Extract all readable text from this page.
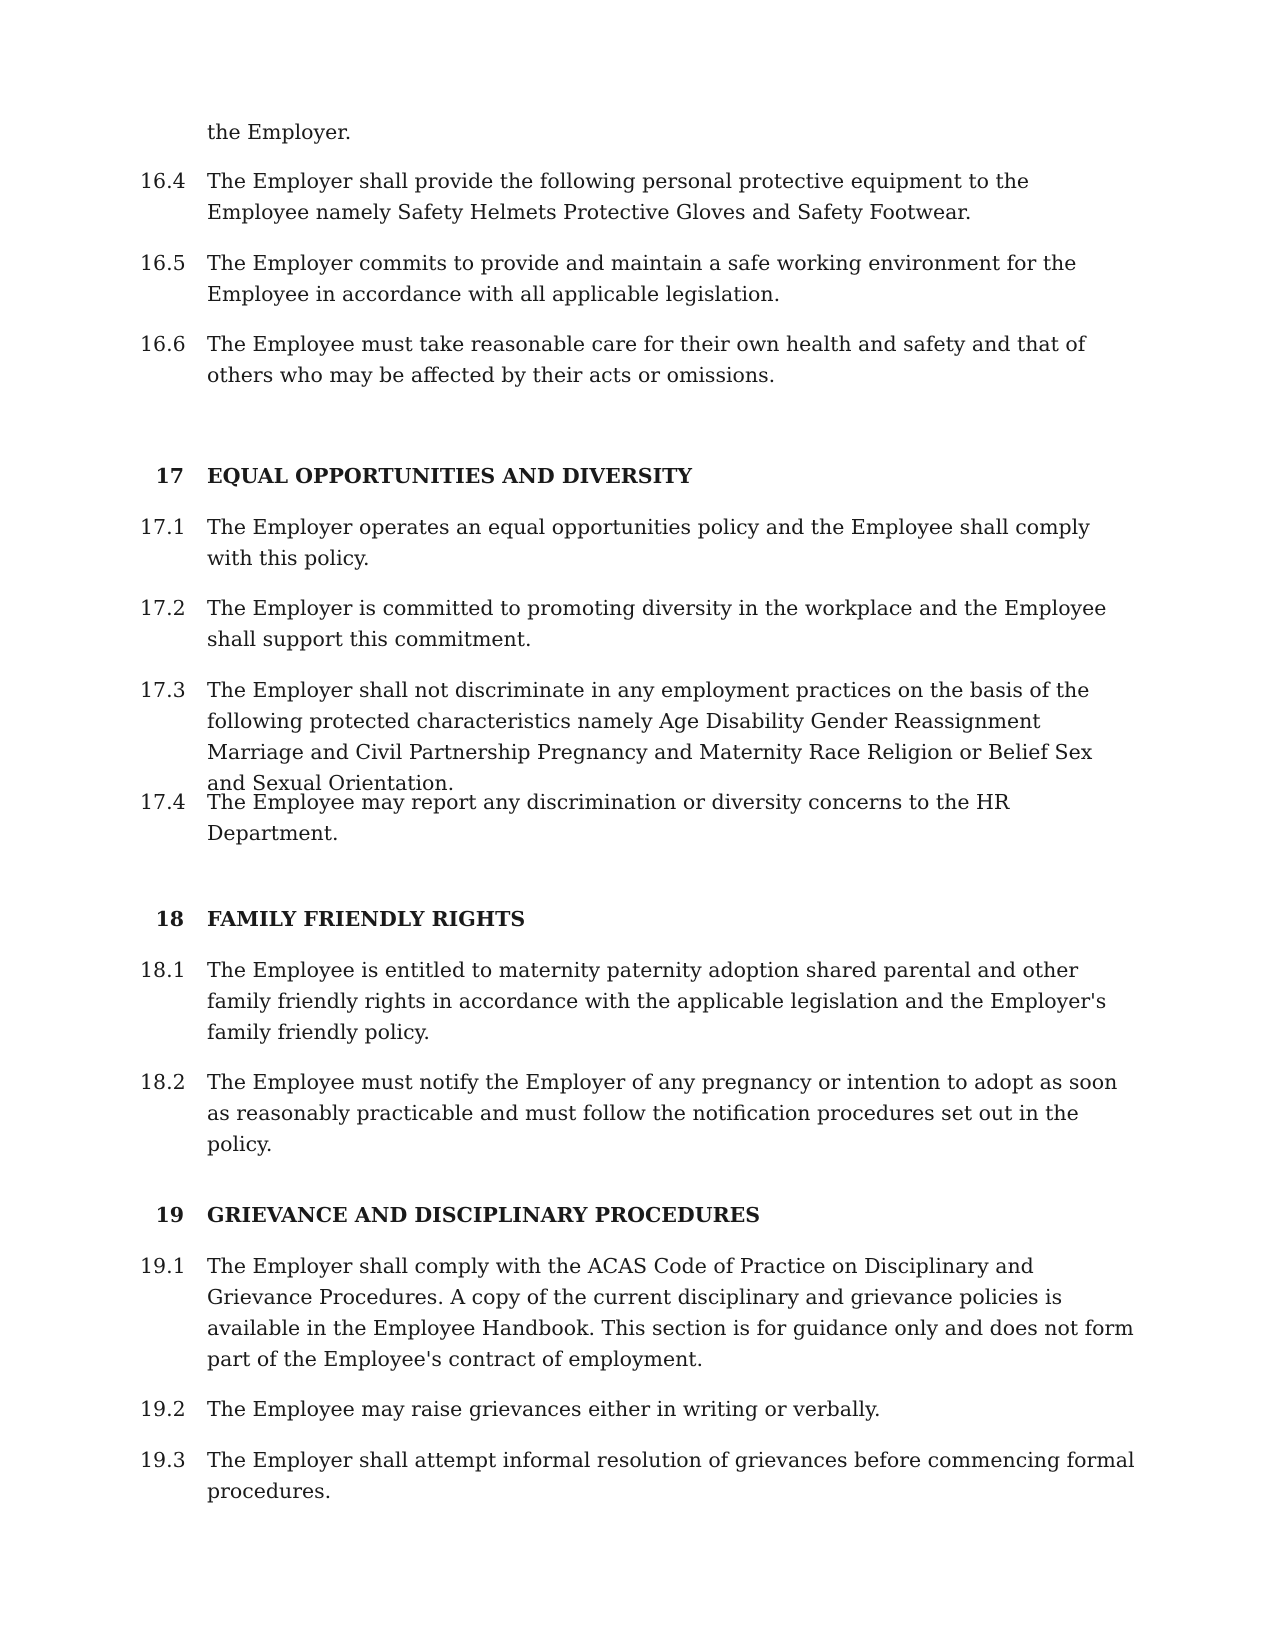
the Employer.
16.4	The Employer shall provide the following personal protective equipment to the Employee namely Safety Helmets Protective Gloves and Safety Footwear.
16.5	The Employer commits to provide and maintain a safe working environment for the Employee in accordance with all applicable legislation.
16.6	The Employee must take reasonable care for their own health and safety and that of others who may be affected by their acts or omissions.
17 EQUAL OPPORTUNITIES AND DIVERSITY
17.1	The Employer operates an equal opportunities policy and the Employee shall comply with this policy.
17.2	The Employer is committed to promoting diversity in the workplace and the Employee shall support this commitment.
17.3	The Employer shall not discriminate in any employment practices on the basis of the following protected characteristics namely Age Disability Gender Reassignment Marriage and Civil Partnership Pregnancy and Maternity Race Religion or Belief Sex and Sexual Orientation.
17.4	The Employee may report any discrimination or diversity concerns to the HR Department.
18 FAMILY FRIENDLY RIGHTS
18.1	The Employee is entitled to maternity paternity adoption shared parental and other family friendly rights in accordance with the applicable legislation and the Employer's family friendly policy.
18.2	The Employee must notify the Employer of any pregnancy or intention to adopt as soon as reasonably practicable and must follow the notification procedures set out in the policy.
19 GRIEVANCE AND DISCIPLINARY PROCEDURES
19.1	The Employer shall comply with the ACAS Code of Practice on Disciplinary and Grievance Procedures. A copy of the current disciplinary and grievance policies is available in the Employee Handbook. This section is for guidance only and does not form part of the Employee's contract of employment.
19.2	The Employee may raise grievances either in writing or verbally.
19.3	The Employer shall attempt informal resolution of grievances before commencing formal procedures.
